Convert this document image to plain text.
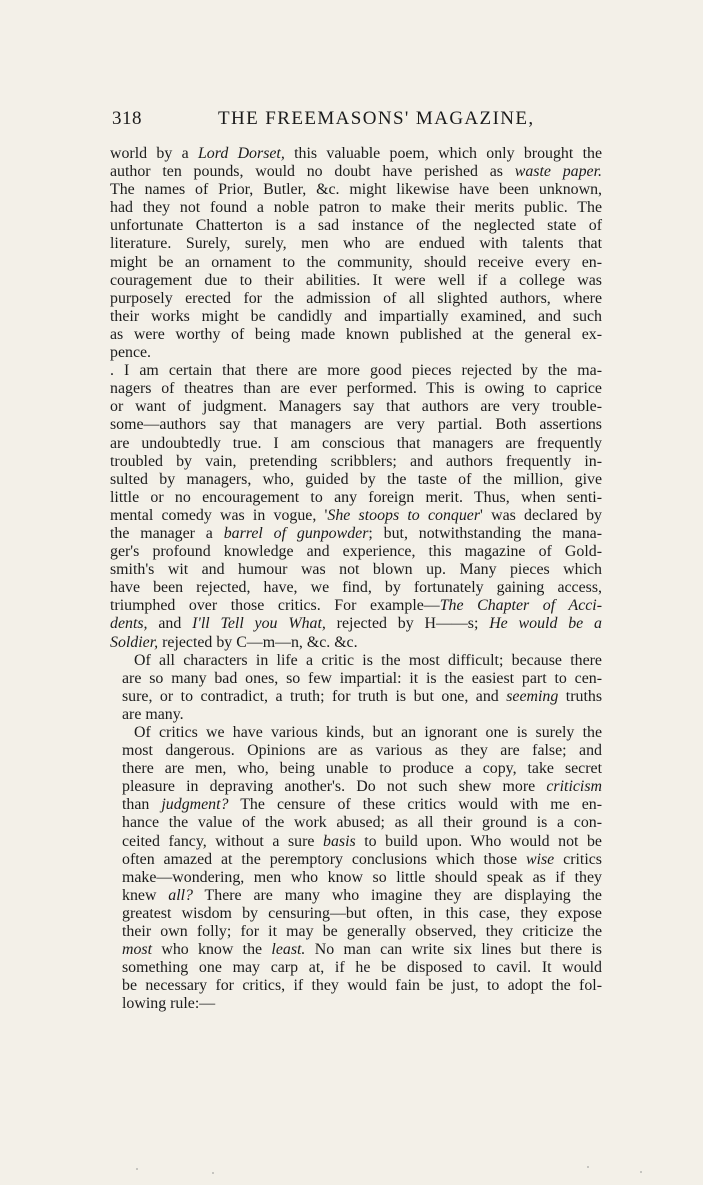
318	THE FREEMASONS' MAGAZINE,
world by a Lord Dorset, this valuable poem, which only brought the
author ten pounds, would no doubt have perished as waste paper.
The names of Prior, Butler, &c. might likewise have been unknown,
had they not found a noble patron to make their merits public. The
unfortunate Chatterton is a sad instance of the neglected state of
literature. Surely, surely, men who are endued with talents that
might be an ornament to the community, should receive every en-
couragement due to their abilities. It were well if a college was
purposely erected for the admission of all slighted authors, where
their works might be candidly and impartially examined, and such
as were worthy of being made known published at the general ex-
pence.
. I am certain that there are more good pieces rejected by the ma-
nagers of theatres than are ever performed. This is owing to caprice
or want of judgment. Managers say that authors are very trouble-
some—authors say that managers are very partial. Both assertions
are undoubtedly true. I am conscious that managers are frequently
troubled by vain, pretending scribblers; and authors frequently in-
sulted by managers, who, guided by the taste of the million, give
little or no encouragement to any foreign merit. Thus, when senti-
mental comedy was in vogue, 'She stoops to conquer' was declared by
the manager a barrel of gunpowder; but, notwithstanding the mana-
ger's profound knowledge and experience, this magazine of Gold-
smith's wit and humour was not blown up. Many pieces which
have been rejected, have, we find, by fortunately gaining access,
triumphed over those critics. For example—The Chapter of Acci-
dents, and I'll Tell you What, rejected by H——s; He would be a
Soldier, rejected by C—m—n, &c. &c.
Of all characters in life a critic is the most difficult; because there
are so many bad ones, so few impartial: it is the easiest part to cen-
sure, or to contradict, a truth; for truth is but one, and seeming truths
are many.
Of critics we have various kinds, but an ignorant one is surely the
most dangerous. Opinions are as various as they are false; and
there are men, who, being unable to produce a copy, take secret
pleasure in depraving another's. Do not such shew more criticism
than judgment? The censure of these critics would with me en-
hance the value of the work abused; as all their ground is a con-
ceited fancy, without a sure basis to build upon. Who would not be
often amazed at the peremptory conclusions which those wise critics
make—wondering, men who know so little should speak as if they
knew all? There are many who imagine they are displaying the
greatest wisdom by censuring—but often, in this case, they expose
their own folly; for it may be generally observed, they criticize the
most who know the least. No man can write six lines but there is
something one may carp at, if he be disposed to cavil. It would
be necessary for critics, if they would fain be just, to adopt the fol-
lowing rule:—
